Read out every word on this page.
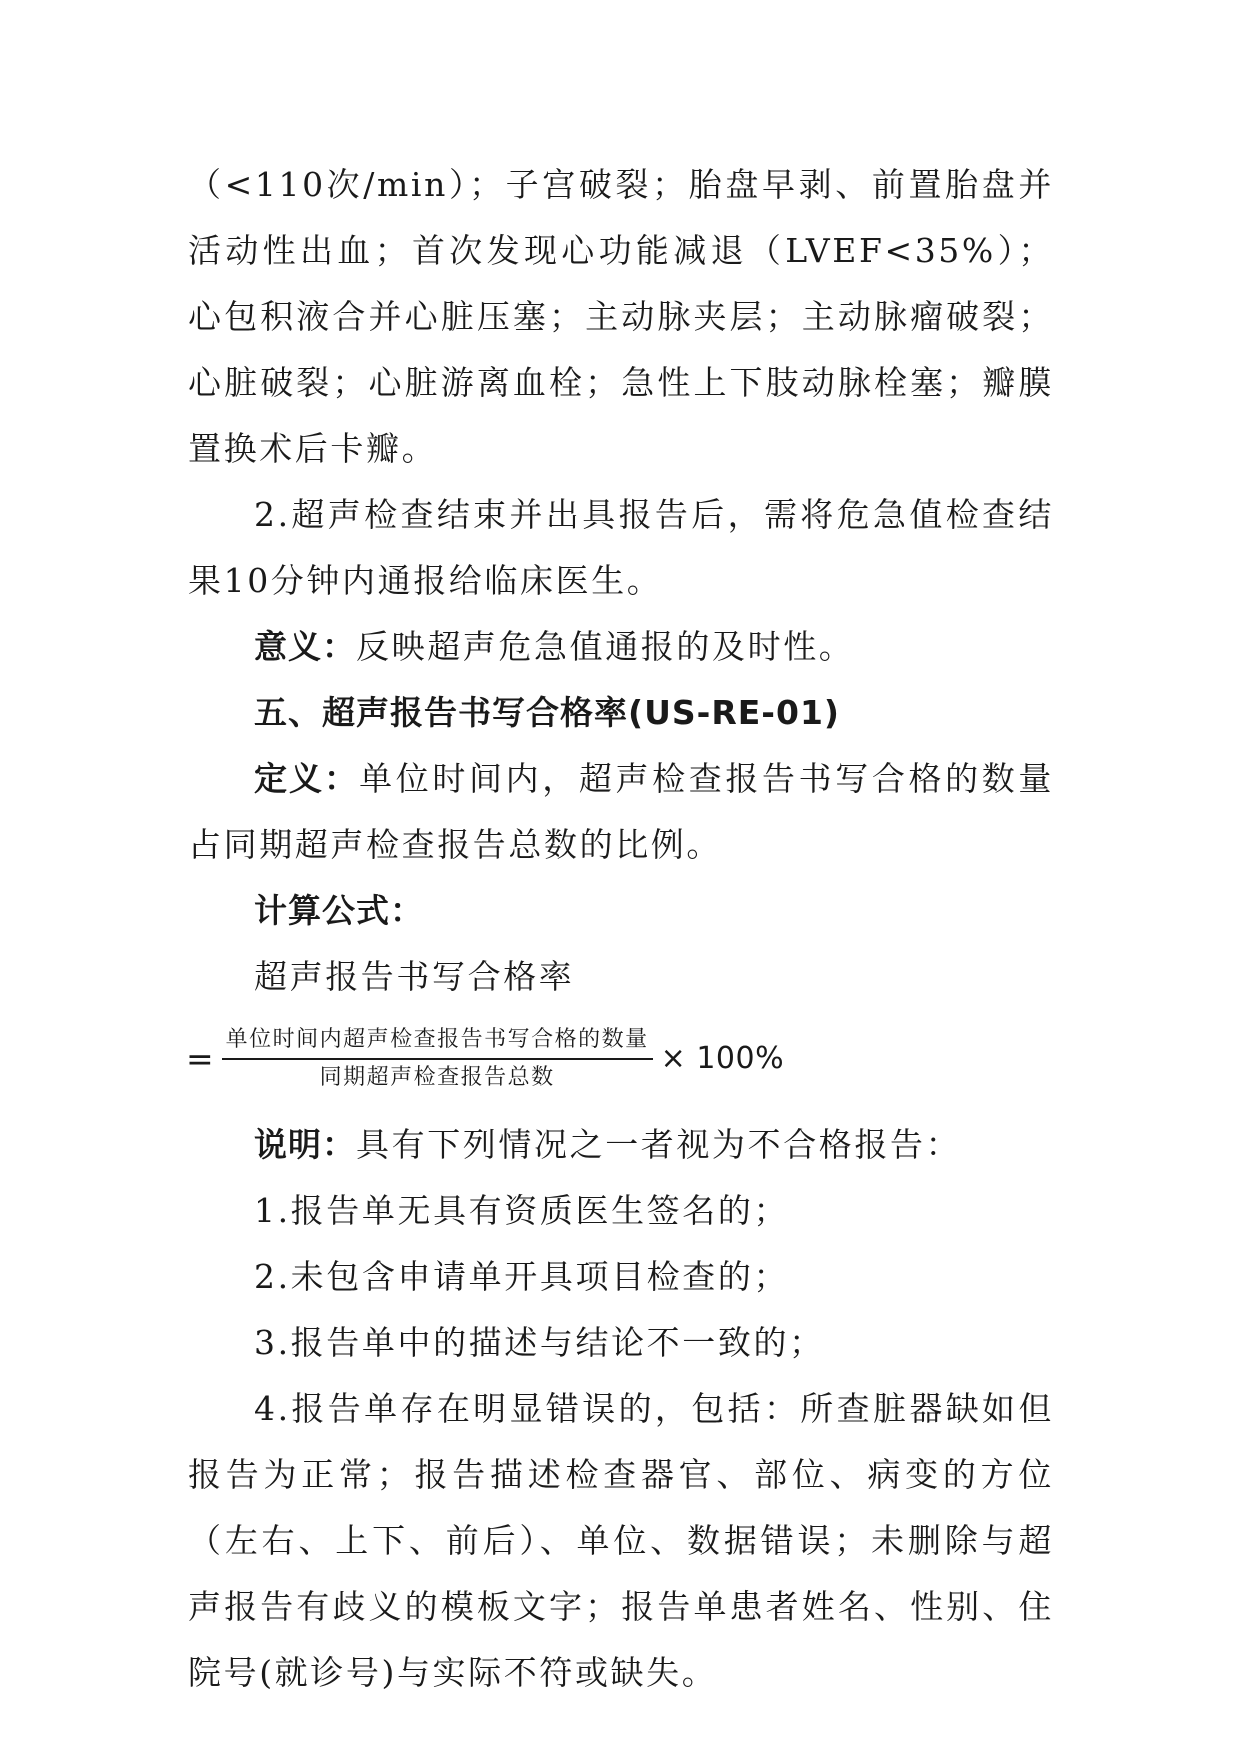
（<110次/min）；子宫破裂；胎盘早剥、前置胎盘并活动性出血；首次发现心功能减退（LVEF<35%）；心包积液合并心脏压塞；主动脉夹层；主动脉瘤破裂；心脏破裂；心脏游离血栓；急性上下肢动脉栓塞；瓣膜置换术后卡瓣。

2.超声检查结束并出具报告后，需将危急值检查结果10分钟内通报给临床医生。

意义：反映超声危急值通报的及时性。

五、超声报告书写合格率(US-RE-01)

定义：单位时间内，超声检查报告书写合格的数量占同期超声检查报告总数的比例。

计算公式：

超声报告书写合格率

= $\frac{\text{单位时间内超声检查报告书写合格的数量}}{\text{同期超声检查报告总数}} \times 100\%$

说明：具有下列情况之一者视为不合格报告：

1.报告单无具有资质医生签名的；

2.未包含申请单开具项目检查的；

3.报告单中的描述与结论不一致的；

4.报告单存在明显错误的，包括：所查脏器缺如但报告为正常；报告描述检查器官、部位、病变的方位（左右、上下、前后）、单位、数据错误；未删除与超声报告有歧义的模板文字；报告单患者姓名、性别、住院号(就诊号)与实际不符或缺失。
